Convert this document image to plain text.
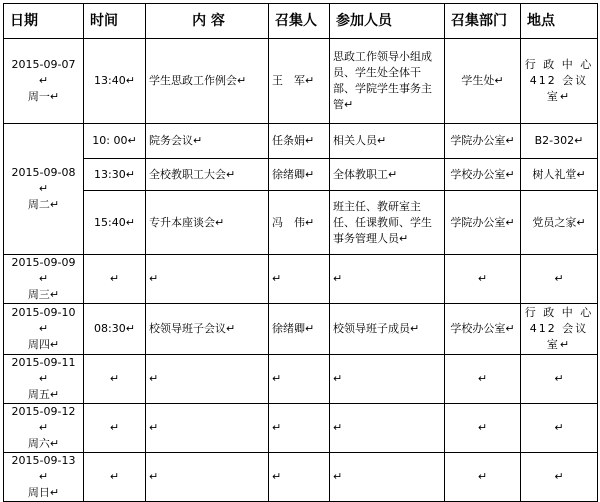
日期	时间	内 容	召集人	参加人员	召集部门	地点

2015-09-07 ↵
周一↵	13:40↵	学生思政工作例会↵	王　军↵	思政工作领导小组成员、学生处全体干部、学院学生事务主管↵	学生处↵	行 政 中 心
412 会议室↵

2015-09-08 ↵
周二↵	10: 00↵	院务会议↵	任条娟↵	相关人员↵	学院办公室↵	B2-302↵
	13:30↵	全校教职工大会↵	徐绪卿↵	全体教职工↵	学校办公室↵	树人礼堂↵
	15:40↵	专升本座谈会↵	冯　伟↵	班主任、教研室主任、任课教师、学生事务管理人员↵	学院办公室↵	党员之家↵

2015-09-09 ↵
周三↵	↵	↵	↵	↵	↵	↵

2015-09-10 ↵
周四↵	08:30↵	校领导班子会议↵	徐绪卿↵	校领导班子成员↵	学校办公室↵	行 政 中 心
412 会议室↵

2015-09-11 ↵
周五↵	↵	↵	↵	↵	↵	↵

2015-09-12 ↵
周六↵	↵	↵	↵	↵	↵	↵

2015-09-13 ↵
周日↵	↵	↵	↵	↵	↵	↵
